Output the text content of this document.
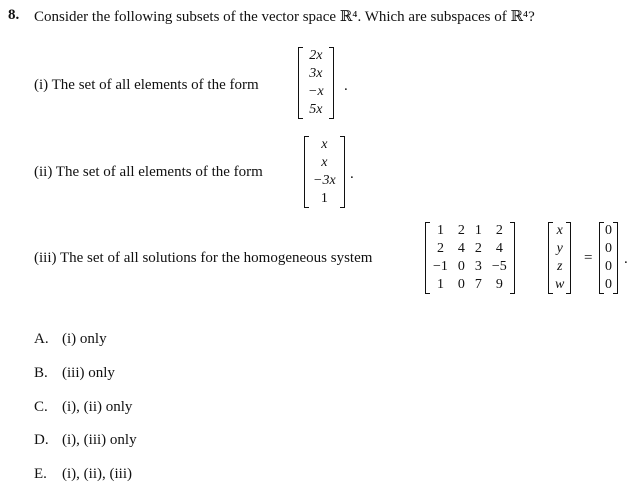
8. Consider the following subsets of the vector space ℝ⁴. Which are subspaces of ℝ⁴?
(i) The set of all elements of the form
2x
3x
−x
5x
.
(ii) The set of all elements of the form
x
x
−3x
1
.
(iii) The set of all solutions for the homogeneous system
1	2	1	2
2	4	2	4
−1	0	3	−5
1	0	7	9
x
y
z
w
=
0
0
0
0
.
A. (i) only
B. (iii) only
C. (i), (ii) only
D. (i), (iii) only
E. (i), (ii), (iii)
